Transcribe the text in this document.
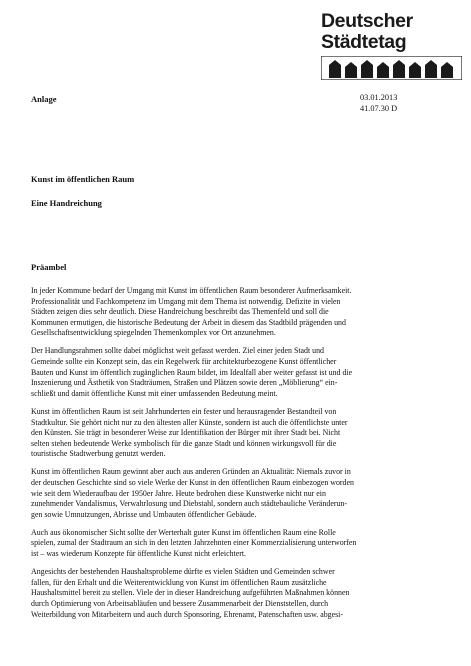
Deutscher
Städtetag
Anlage	03.01.2013
41.07.30 D
Kunst im öffentlichen Raum
Eine Handreichung
Präambel
In jeder Kommune bedarf der Umgang mit Kunst im öffentlichen Raum besonderer Aufmerksamkeit.
Professionalität und Fachkompetenz im Umgang mit dem Thema ist notwendig. Defizite in vielen
Städten zeigen dies sehr deutlich. Diese Handreichung beschreibt das Themenfeld und soll die
Kommunen ermutigen, die historische Bedeutung der Arbeit in diesem das Stadtbild prägenden und
Gesellschaftsentwicklung spiegelnden Themenkomplex vor Ort anzunehmen.
Der Handlungsrahmen sollte dabei möglichst weit gefasst werden. Ziel einer jeden Stadt und
Gemeinde sollte ein Konzept sein, das ein Regelwerk für architekturbezogene Kunst öffentlicher
Bauten und Kunst im öffentlich zugänglichen Raum bildet, im Idealfall aber weiter gefasst ist und die
Inszenierung und Ästhetik von Stadträumen, Straßen und Plätzen sowie deren „Möblierung“ ein-
schließt und damit öffentliche Kunst mit einer umfassenden Bedeutung meint.
Kunst im öffentlichen Raum ist seit Jahrhunderten ein fester und herausragender Bestandteil von
Stadtkultur. Sie gehört nicht nur zu den ältesten aller Künste, sondern ist auch die öffentlichste unter
den Künsten. Sie trägt in besonderer Weise zur Identifikation der Bürger mit ihrer Stadt bei. Nicht
selten stehen bedeutende Werke symbolisch für die ganze Stadt und können wirkungsvoll für die
touristische Stadtwerbung genutzt werden.
Kunst im öffentlichen Raum gewinnt aber auch aus anderen Gründen an Aktualität: Niemals zuvor in
der deutschen Geschichte sind so viele Werke der Kunst in den öffentlichen Raum einbezogen worden
wie seit dem Wiederaufbau der 1950er Jahre. Heute bedrohen diese Kunstwerke nicht nur ein
zunehmender Vandalismus, Verwahrlosung und Diebstahl, sondern auch städtebauliche Veränderun-
gen sowie Umnutzungen, Abrisse und Umbauten öffentlicher Gebäude.
Auch aus ökonomischer Sicht sollte der Werterhalt guter Kunst im öffentlichen Raum eine Rolle
spielen, zumal der Stadtraum an sich in den letzten Jahrzehnten einer Kommerzialisierung unterworfen
ist – was wiederum Konzepte für öffentliche Kunst nicht erleichtert.
Angesichts der bestehenden Haushaltsprobleme dürfte es vielen Städten und Gemeinden schwer
fallen, für den Erhalt und die Weiterentwicklung von Kunst im öffentlichen Raum zusätzliche
Haushaltsmittel bereit zu stellen. Viele der in dieser Handreichung aufgeführten Maßnahmen können
durch Optimierung von Arbeitsabläufen und bessere Zusammenarbeit der Dienststellen, durch
Weiterbildung von Mitarbeitern und auch durch Sponsoring, Ehrenamt, Patenschaften usw. abgesi-
